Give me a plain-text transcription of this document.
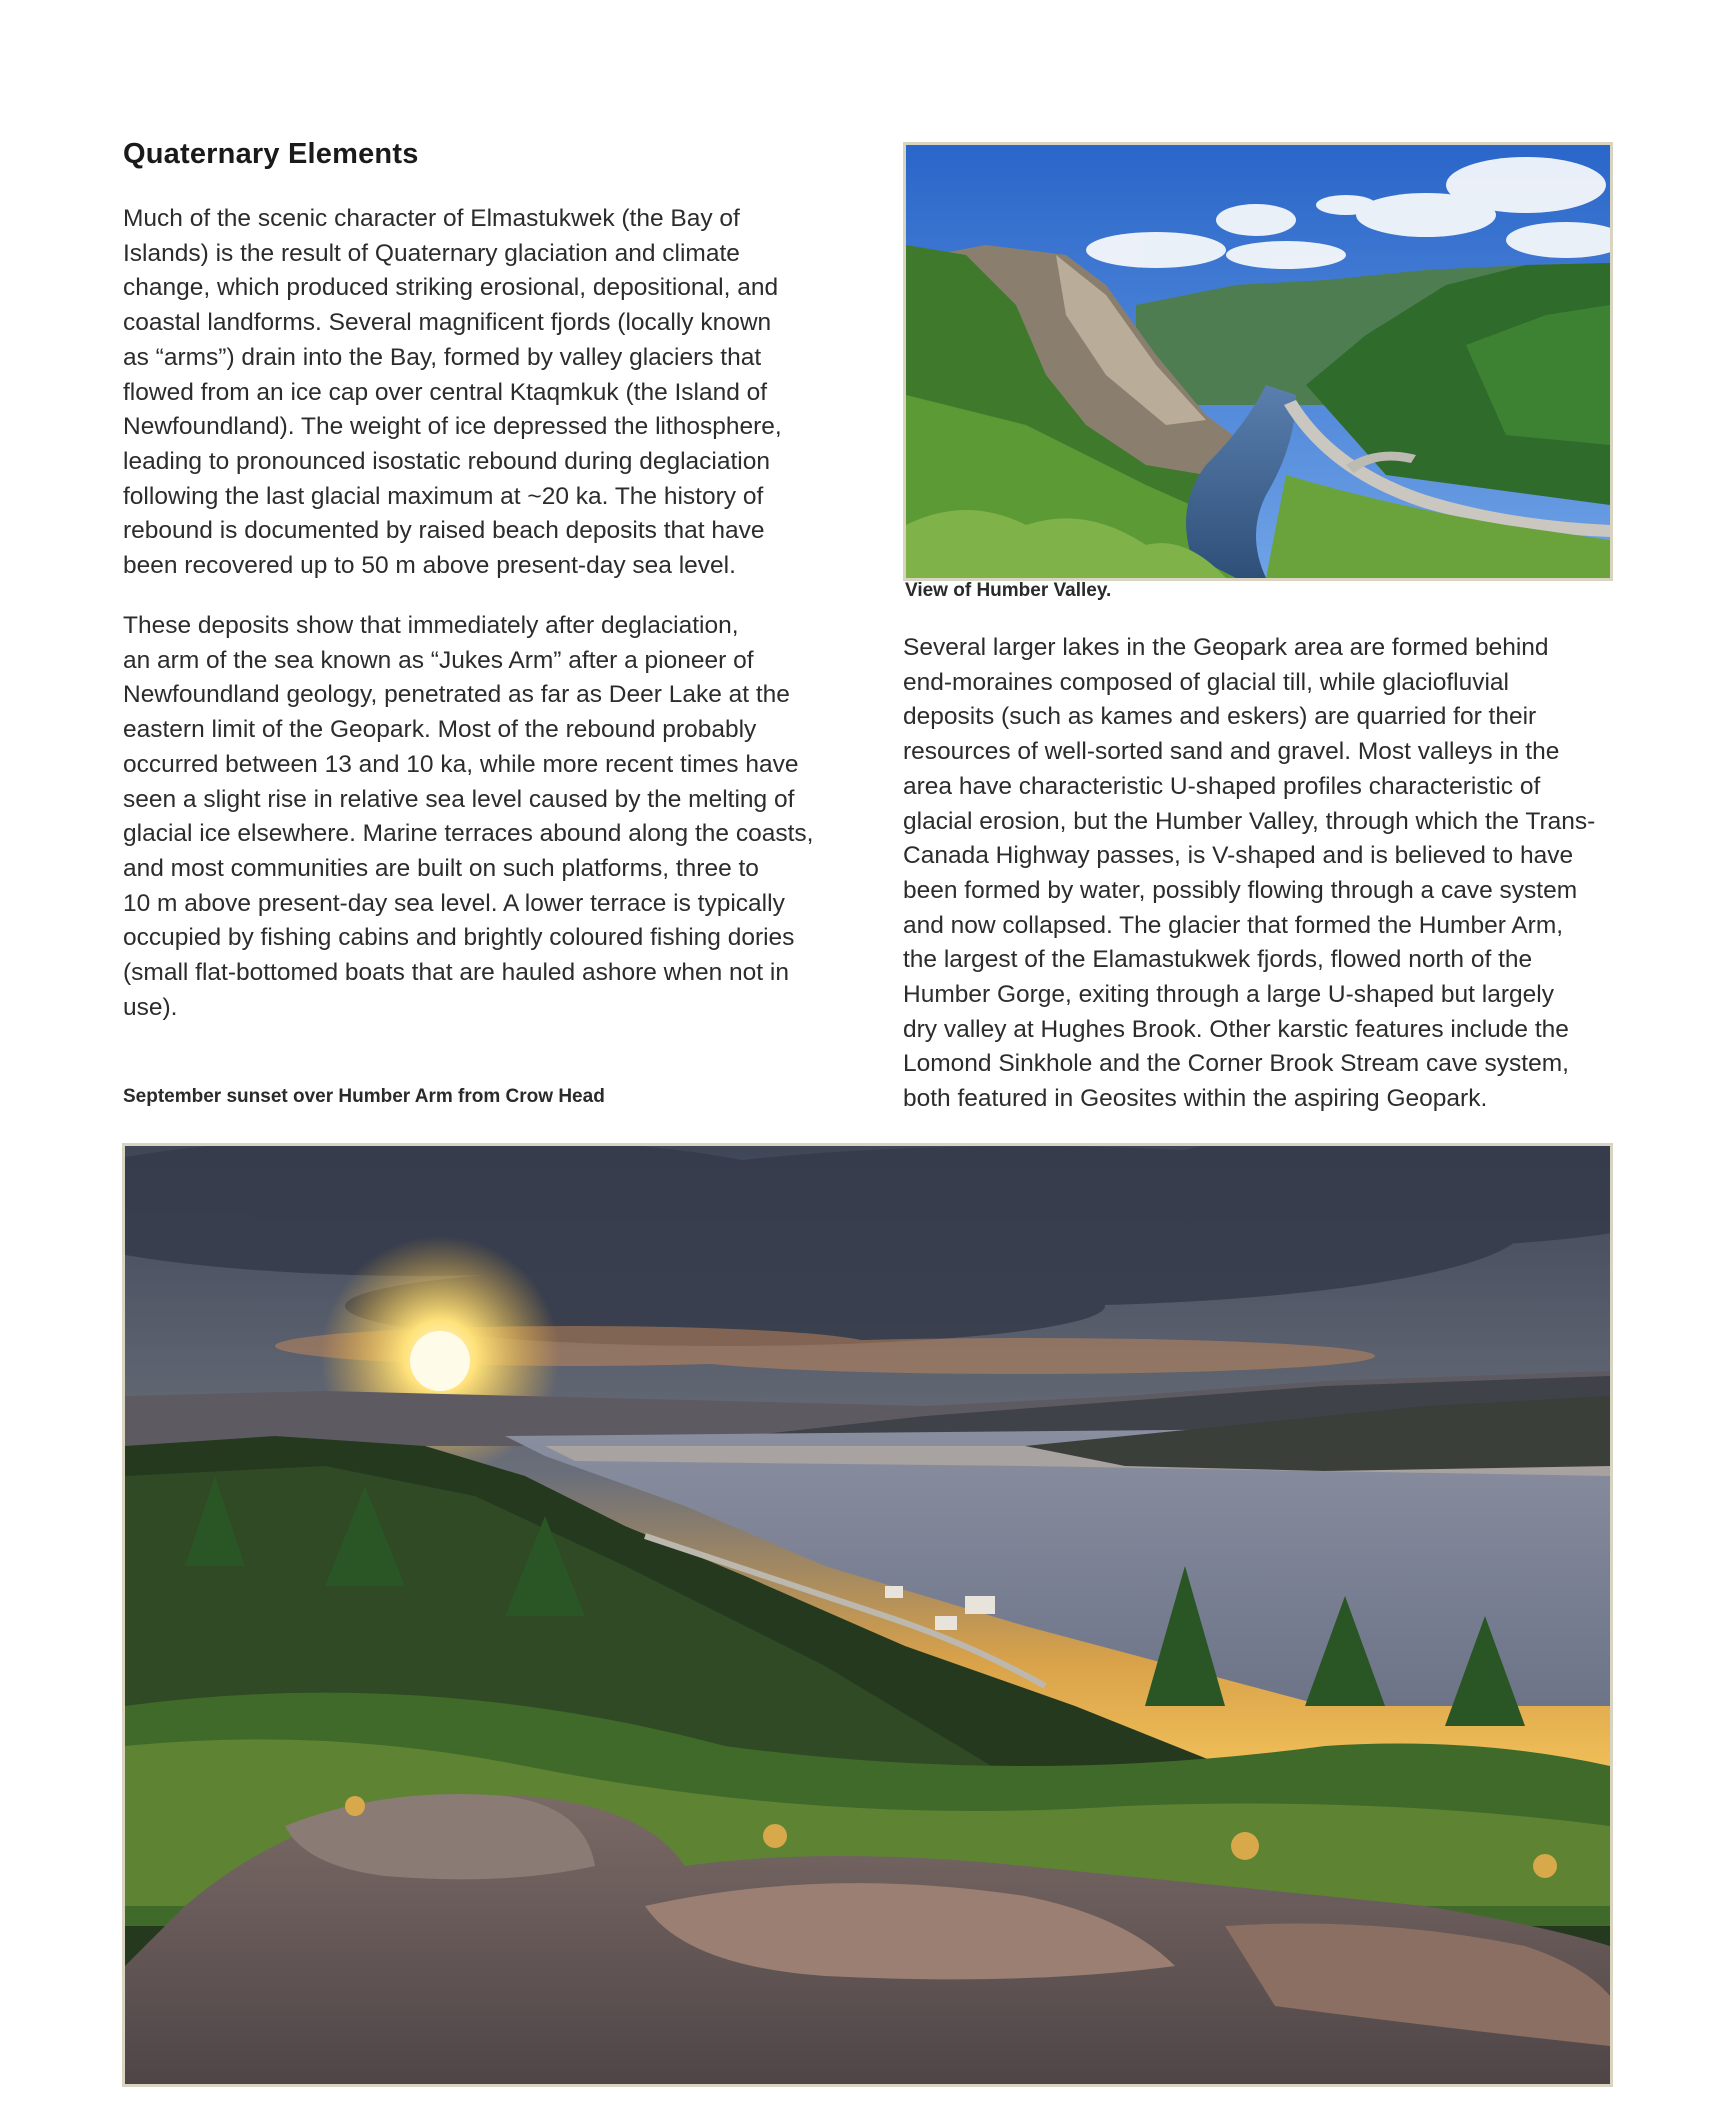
Quaternary Elements

Much of the scenic character of Elmastukwek (the Bay of
Islands) is the result of Quaternary glaciation and climate
change, which produced striking erosional, depositional, and
coastal landforms. Several magnificent fjords (locally known
as “arms”) drain into the Bay, formed by valley glaciers that
flowed from an ice cap over central Ktaqmkuk (the Island of
Newfoundland). The weight of ice depressed the lithosphere,
leading to pronounced isostatic rebound during deglaciation
following the last glacial maximum at ~20 ka. The history of
rebound is documented by raised beach deposits that have
been recovered up to 50 m above present-day sea level.

These deposits show that immediately after deglaciation,
an arm of the sea known as “Jukes Arm” after a pioneer of
Newfoundland geology, penetrated as far as Deer Lake at the
eastern limit of the Geopark. Most of the rebound probably
occurred between 13 and 10 ka, while more recent times have
seen a slight rise in relative sea level caused by the melting of
glacial ice elsewhere. Marine terraces abound along the coasts,
and most communities are built on such platforms, three to
10 m above present-day sea level. A lower terrace is typically
occupied by fishing cabins and brightly coloured fishing dories
(small flat-bottomed boats that are hauled ashore when not in
use).

View of Humber Valley.

Several larger lakes in the Geopark area are formed behind
end-moraines composed of glacial till, while glaciofluvial
deposits (such as kames and eskers) are quarried for their
resources of well-sorted sand and gravel. Most valleys in the
area have characteristic U-shaped profiles characteristic of
glacial erosion, but the Humber Valley, through which the Trans-
Canada Highway passes, is V-shaped and is believed to have
been formed by water, possibly flowing through a cave system
and now collapsed. The glacier that formed the Humber Arm,
the largest of the Elamastukwek fjords, flowed north of the
Humber Gorge, exiting through a large U-shaped but largely
dry valley at Hughes Brook. Other karstic features include the
Lomond Sinkhole and the Corner Brook Stream cave system,
both featured in Geosites within the aspiring Geopark.

September sunset over Humber Arm from Crow Head
